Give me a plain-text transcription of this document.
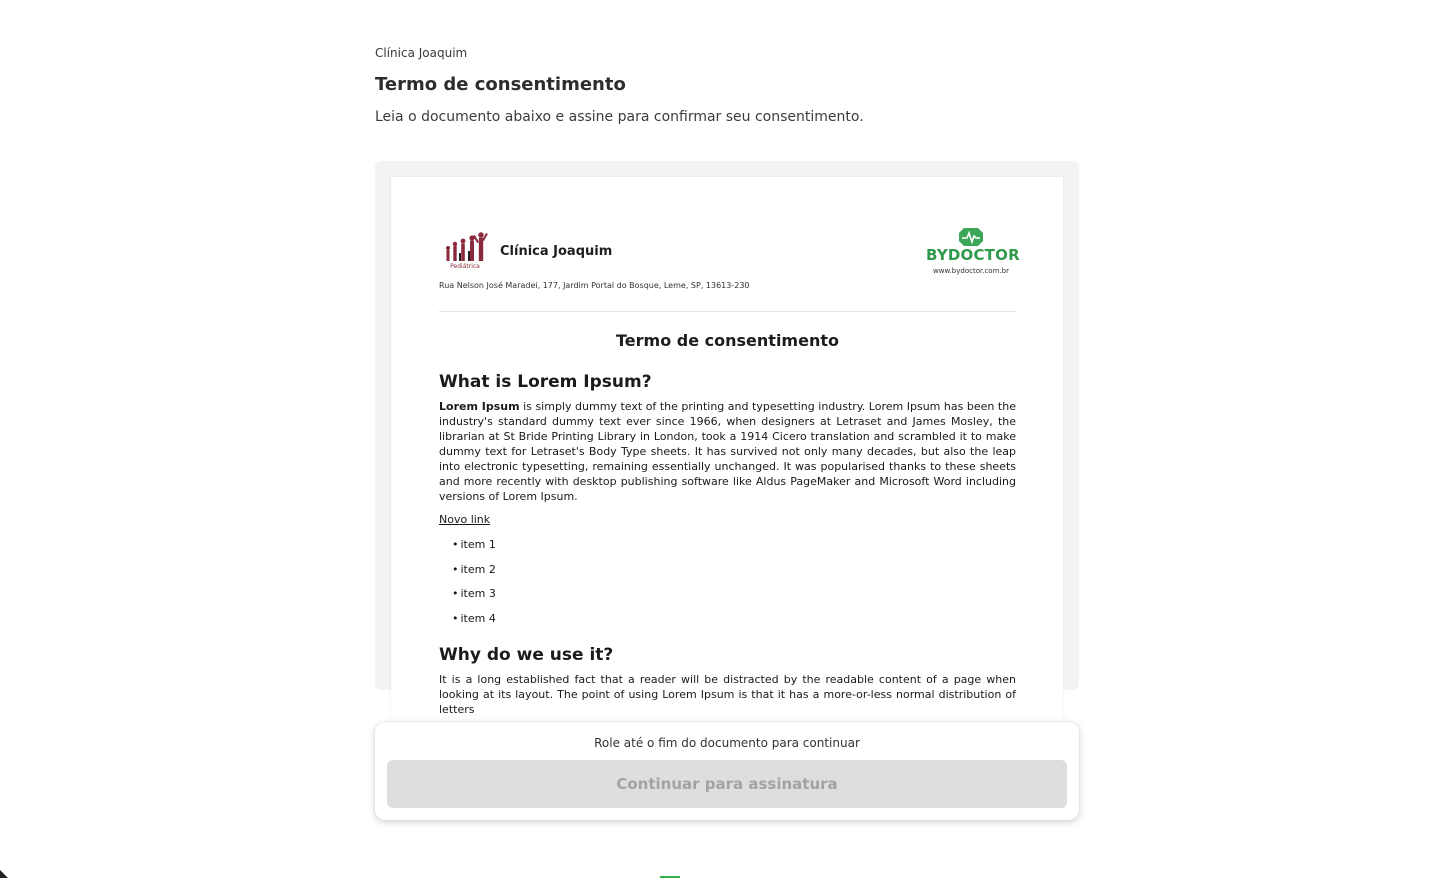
Clínica Joaquim
Termo de consentimento
Leia o documento abaixo e assine para confirmar seu consentimento.
Pediátrica
Clínica Joaquim
Rua Nelson José Maradei, 177, Jardim Portal do Bosque, Leme, SP, 13613-230
BYDOCTOR
www.bydoctor.com.br
Termo de consentimento
What is Lorem Ipsum?
Lorem Ipsum is simply dummy text of the printing and typesetting industry. Lorem Ipsum has been the industry's standard dummy text ever since 1966, when designers at Letraset and James Mosley, the librarian at St Bride Printing Library in London, took a 1914 Cicero translation and scrambled it to make dummy text for Letraset's Body Type sheets. It has survived not only many decades, but also the leap into electronic typesetting, remaining essentially unchanged. It was popularised thanks to these sheets and more recently with desktop publishing software like Aldus PageMaker and Microsoft Word including versions of Lorem Ipsum.
Novo link
• item 1
• item 2
• item 3
• item 4
Why do we use it?
It is a long established fact that a reader will be distracted by the readable content of a page when looking at its layout. The point of using Lorem Ipsum is that it has a more-or-less normal distribution of letters
Role até o fim do documento para continuar
Continuar para assinatura
